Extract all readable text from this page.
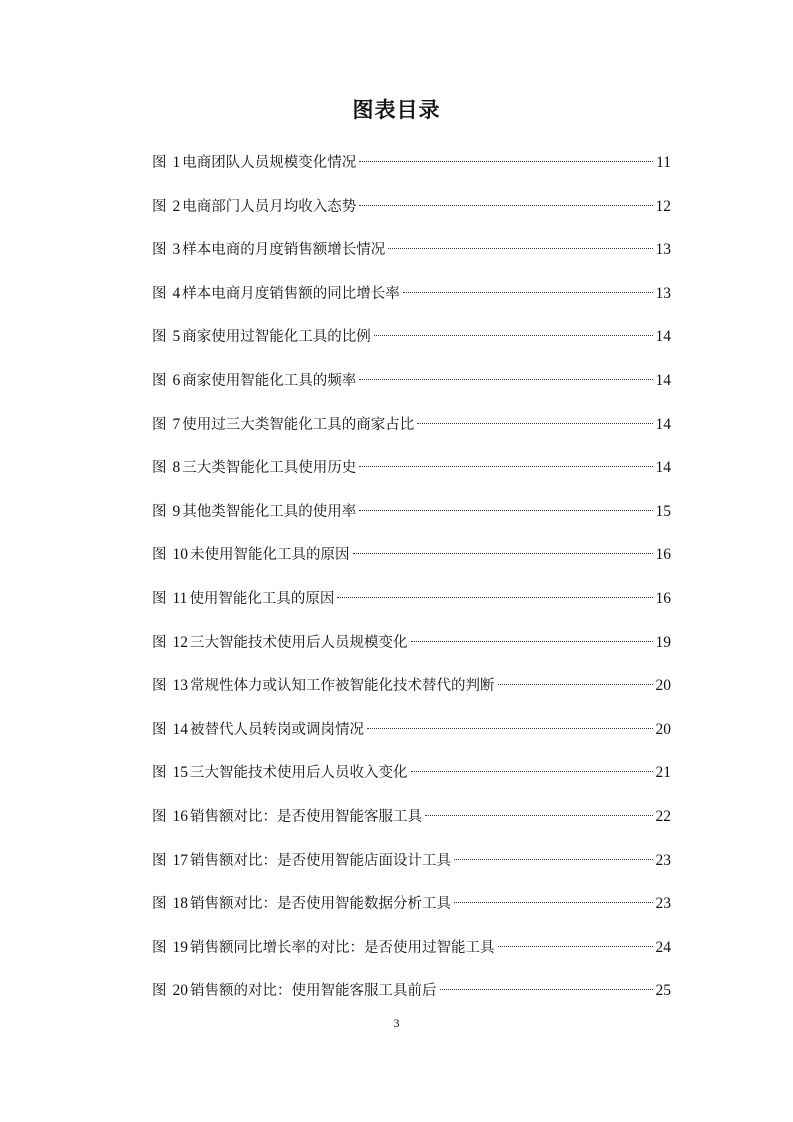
图表目录
图 1 电商团队人员规模变化情况	11
图 2 电商部门人员月均收入态势	12
图 3 样本电商的月度销售额增长情况	13
图 4 样本电商月度销售额的同比增长率	13
图 5 商家使用过智能化工具的比例	14
图 6 商家使用智能化工具的频率	14
图 7 使用过三大类智能化工具的商家占比	14
图 8 三大类智能化工具使用历史	14
图 9 其他类智能化工具的使用率	15
图 10 未使用智能化工具的原因	16
图 11 使用智能化工具的原因	16
图 12 三大智能技术使用后人员规模变化	19
图 13 常规性体力或认知工作被智能化技术替代的判断	20
图 14 被替代人员转岗或调岗情况	20
图 15 三大智能技术使用后人员收入变化	21
图 16 销售额对比：是否使用智能客服工具	22
图 17 销售额对比：是否使用智能店面设计工具	23
图 18 销售额对比：是否使用智能数据分析工具	23
图 19 销售额同比增长率的对比：是否使用过智能工具	24
图 20 销售额的对比：使用智能客服工具前后	25
3
